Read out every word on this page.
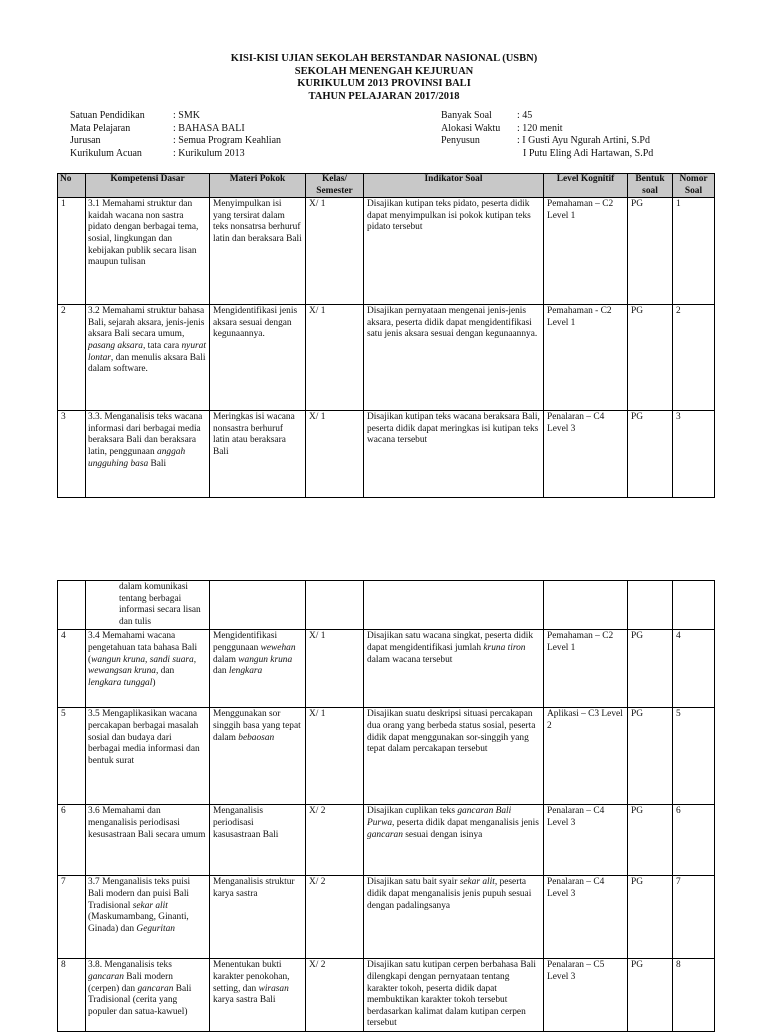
KISI-KISI UJIAN SEKOLAH BERSTANDAR NASIONAL (USBN)
SEKOLAH MENENGAH KEJURUAN
KURIKULUM 2013 PROVINSI BALI
TAHUN PELAJARAN 2017/2018
Satuan Pendidikan	: SMK
Mata Pelajaran	: BAHASA BALI
Jurusan	: Semua Program Keahlian
Kurikulum Acuan	: Kurikulum 2013
Banyak Soal	: 45
Alokasi Waktu : 120 menit
Penyusun	: I Gusti Ayu Ngurah Artini, S.Pd
I Putu Eling Adi Hartawan, S.Pd
No	Kompetensi Dasar	Materi Pokok	Kelas/ Semester	Indikator Soal	Level Kognitif	Bentuk soal	Nomor Soal
1	3.1 Memahami struktur dan kaidah wacana non sastra pidato dengan berbagai tema, sosial, lingkungan dan kebijakan publik secara lisan maupun tulisan	Menyimpulkan isi yang tersirat dalam teks nonsatrsa berhuruf latin dan beraksara Bali	X/ 1	Disajikan kutipan teks pidato, peserta didik dapat menyimpulkan isi pokok kutipan teks pidato tersebut	Pemahaman – C2 Level 1	PG	1
2	3.2 Memahami struktur bahasa Bali, sejarah aksara, jenis-jenis aksara Bali secara umum, pasang aksara, tata cara nyurat lontar, dan menulis aksara Bali dalam software.	Mengidentifikasi jenis aksara sesuai dengan kegunaannya.	X/ 1	Disajikan pernyataan mengenai jenis-jenis aksara, peserta didik dapat mengidentifikasi satu jenis aksara sesuai dengan kegunaannya.	Pemahaman - C2 Level 1	PG	2
3	3.3. Menganalisis teks wacana informasi dari berbagai media beraksara Bali dan beraksara latin, penggunaan anggah ungguhing basa Bali	Meringkas isi wacana nonsastra berhuruf latin atau beraksara Bali	X/ 1	Disajikan kutipan teks wacana beraksara Bali, peserta didik dapat meringkas isi kutipan teks wacana tersebut	Penalaran – C4 Level 3	PG	3
	dalam komunikasi tentang berbagai informasi secara lisan dan tulis						
4	3.4 Memahami wacana pengetahuan tata bahasa Bali (wangun kruna, sandi suara, wewangsan kruna, dan lengkara tunggal)	Mengidentifikasi penggunaan wewehan dalam wangun kruna dan lengkara	X/ 1	Disajikan satu wacana singkat, peserta didik dapat mengidentifikasi jumlah kruna tiron dalam wacana tersebut	Pemahaman – C2 Level 1	PG	4
5	3.5 Mengaplikasikan wacana percakapan berbagai masalah sosial dan budaya dari berbagai media informasi dan bentuk surat	Menggunakan sor singgih basa yang tepat dalam bebaosan	X/ 1	Disajikan suatu deskripsi situasi percakapan dua orang yang berbeda status sosial, peserta didik dapat menggunakan sor-singgih yang tepat dalam percakapan tersebut	Aplikasi – C3 Level 2	PG	5
6	3.6 Memahami dan menganalisis periodisasi kesusastraan Bali secara umum	Menganalisis periodisasi kasusastraan Bali	X/ 2	Disajikan cuplikan teks gancaran Bali Purwa, peserta didik dapat menganalisis jenis gancaran sesuai dengan isinya	Penalaran – C4 Level 3	PG	6
7	3.7 Menganalisis teks puisi Bali modern dan puisi Bali Tradisional sekar alit (Maskumambang, Ginanti, Ginada) dan Geguritan	Menganalisis struktur karya sastra	X/ 2	Disajikan satu bait syair sekar alit, peserta didik dapat menganalisis jenis pupuh sesuai dengan padalingsanya	Penalaran – C4 Level 3	PG	7
8	3.8. Menganalisis teks gancaran Bali modern (cerpen) dan gancaran Bali Tradisional (cerita yang populer dan satua-kawuel)	Menentukan bukti karakter penokohan, setting, dan wirasan karya sastra Bali	X/ 2	Disajikan satu kutipan cerpen berbahasa Bali dilengkapi dengan pernyataan tentang karakter tokoh, peserta didik dapat membuktikan karakter tokoh tersebut berdasarkan kalimat dalam kutipan cerpen tersebut	Penalaran – C5 Level 3	PG	8
